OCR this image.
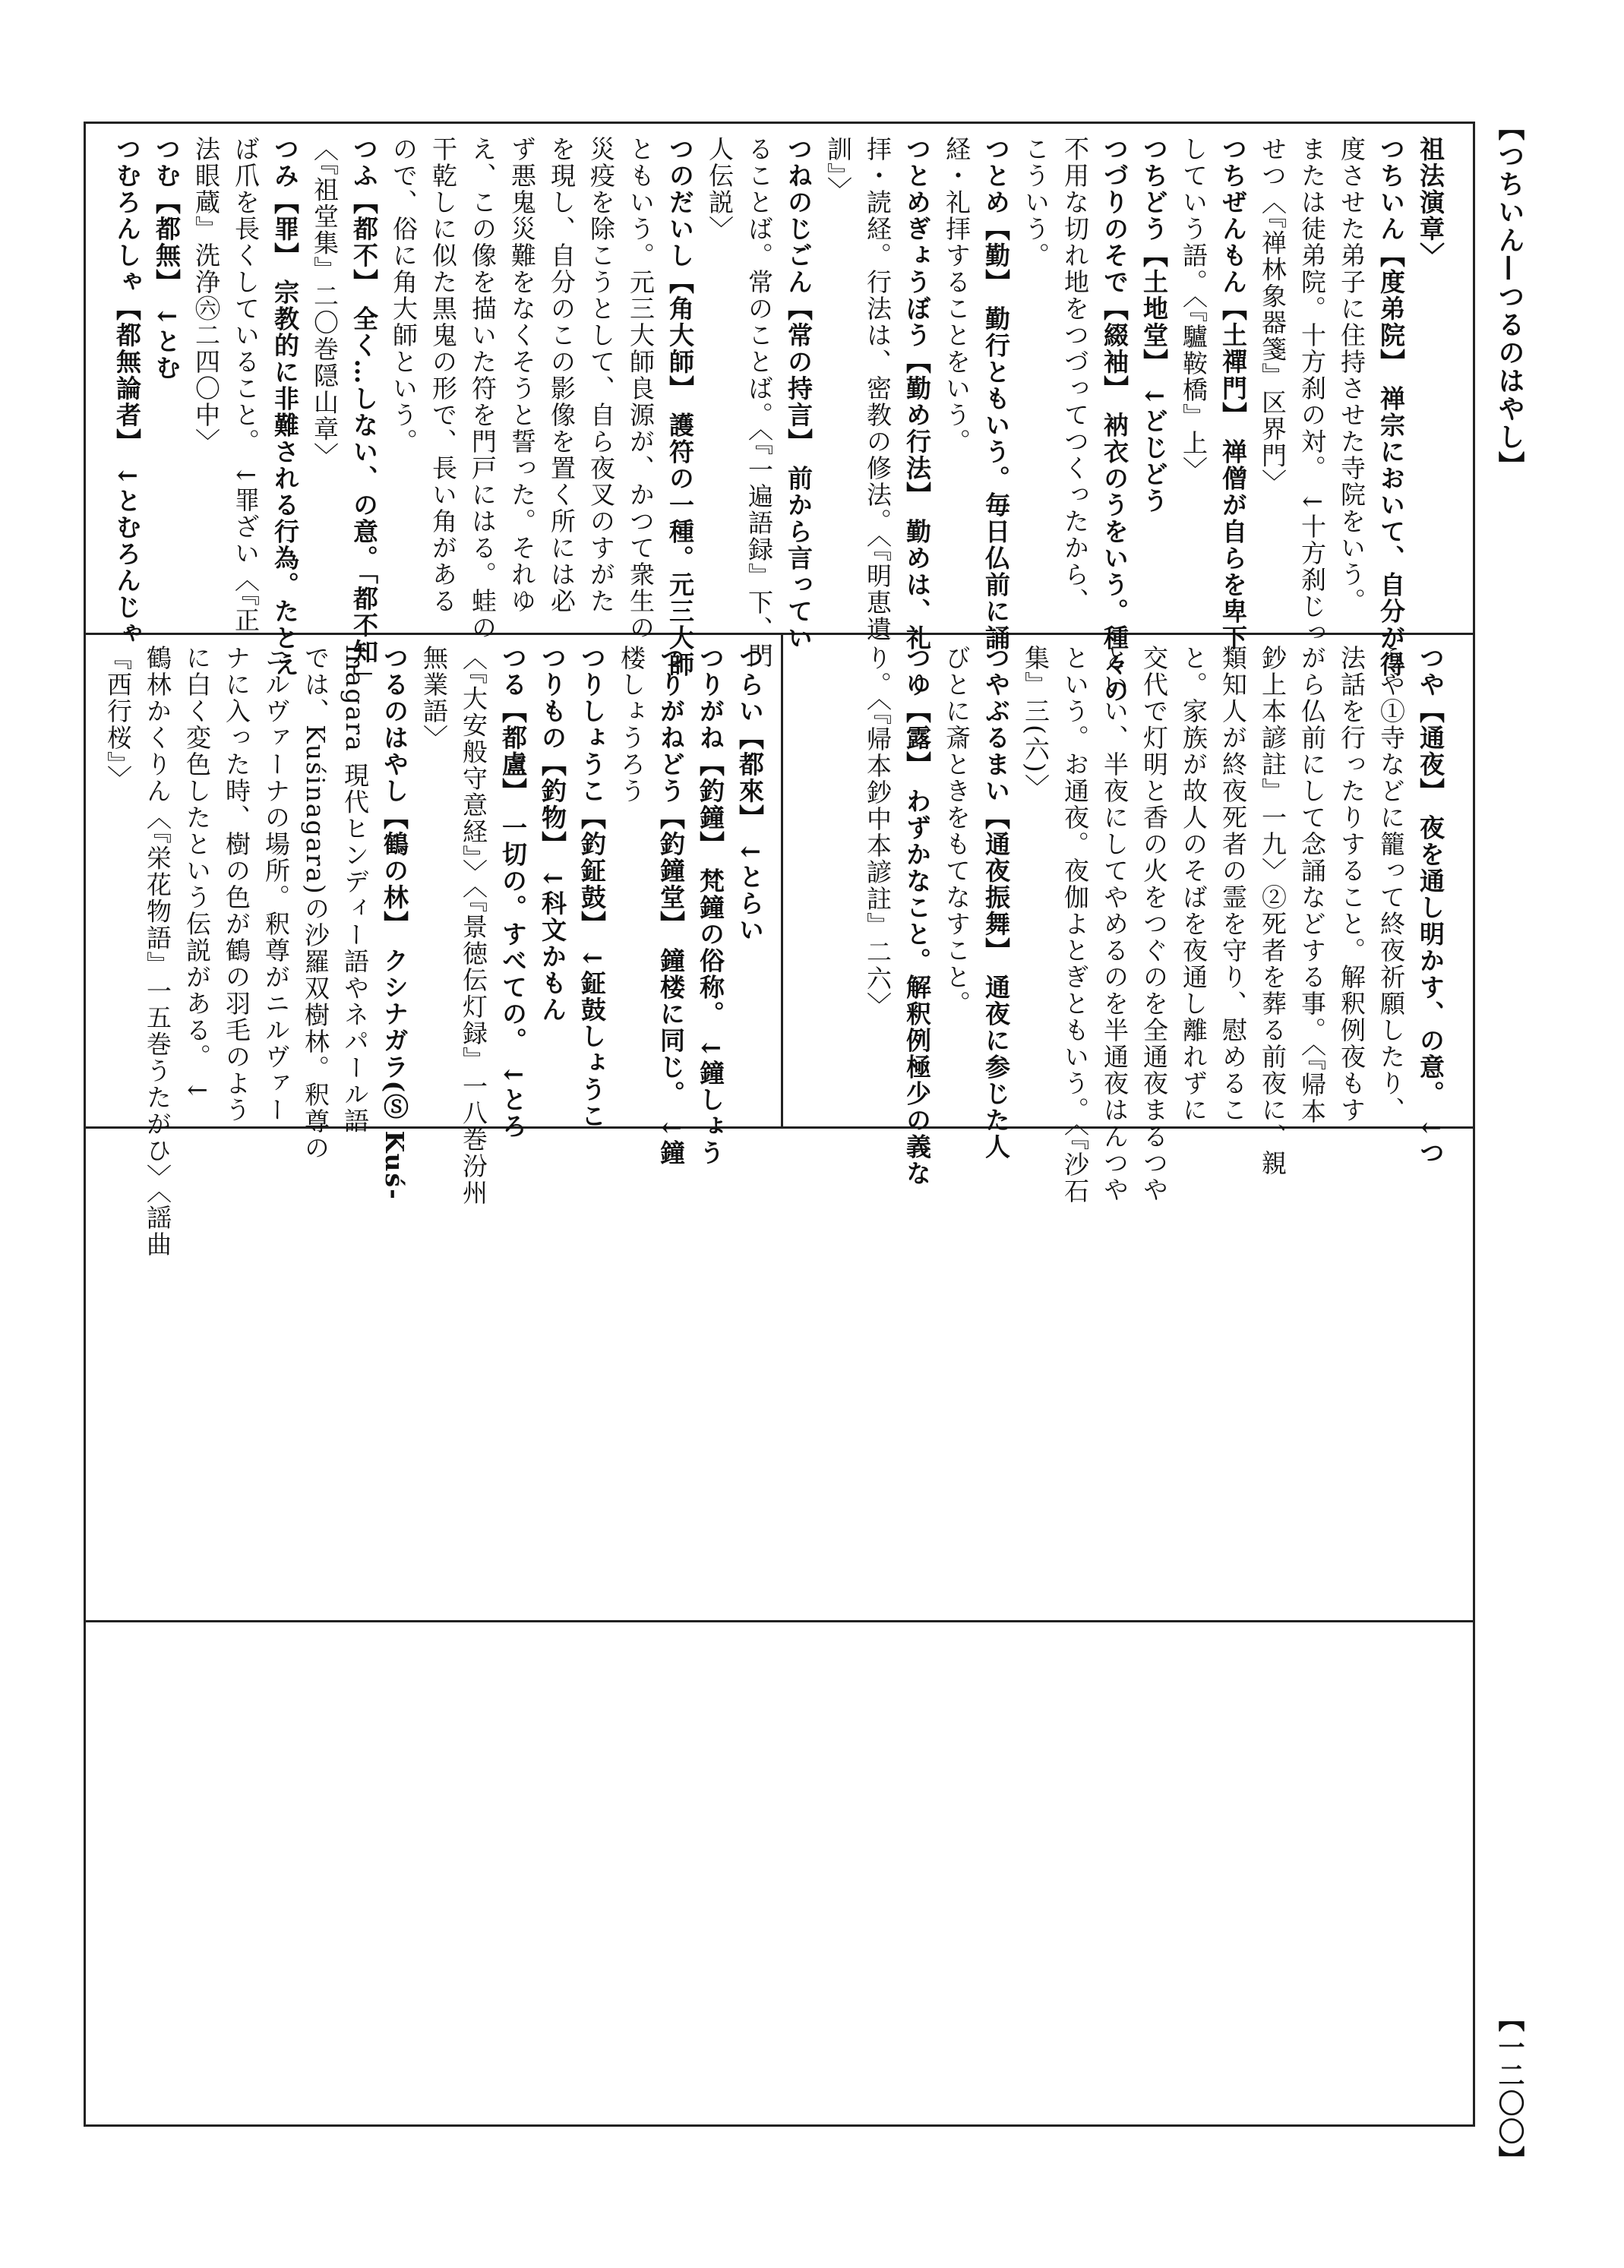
【つちいん—つるのはやし】
祖法演章〉
つちいん【度弟院】 禅宗において、自分が得
度させた弟子に住持させた寺院をいう。
または徒弟院。十方刹の対。 ↓十方刹じっ
せつ〈『禅林象器箋』区界門〉
つちぜんもん【土禪門】 禅僧が自らを卑下
していう語。〈『驢鞍橋』上〉
つちどう【土地堂】 ↓どじどう
つづりのそで【綴袖】 衲衣のうをいう。種々の
不用な切れ地をつづってつくったから、
こういう。
つとめ【勤】 勤行ともいう。毎日仏前に誦
経・礼拝することをいう。
つとめぎょうぼう【勤め行法】 勤めは、礼
拝・読経。行法は、密教の修法。〈『明恵遺
訓』〉
つねのじごん【常の持言】 前から言ってい
ることば。常のことば。〈『一遍語録』下、門
人伝説〉
つのだいし【角大師】 護符の一種。元三大師
ともいう。元三大師良源が、かつて衆生の
災疫を除こうとして、自ら夜叉のすがた
を現し、自分のこの影像を置く所には必
ず悪鬼災難をなくそうと誓った。それゆ
え、この像を描いた符を門戸にはる。蛙の
干乾しに似た黒鬼の形で、長い角がある
ので、俗に角大師という。
つふ【都不】 全く…しない、の意。「都不知」
〈『祖堂集』二〇巻隠山章〉
つみ【罪】 宗教的に非難される行為。たとえ
ば爪を長くしていること。 ↓罪ざい〈『正
法眼蔵』洗浄㊅二四〇中〉
つむ【都無】 ↓とむ
つむろんしゃ【都無論者】 ↓とむろんじゃ
つや【通夜】 夜を通し明かす、の意。 ↓つ
うや①寺などに籠って終夜祈願したり、
法話を行ったりすること。解釈例夜もす
がら仏前にして念誦などする事。〈『帰本
鈔上本諺註』一九〉②死者を葬る前夜に、親
類知人が終夜死者の霊を守り、慰めるこ
と。家族が故人のそばを夜通し離れずに
交代で灯明と香の火をつぐのを全通夜まるつや
といい、半夜にしてやめるのを半通夜はんつや
という。お通夜。夜伽よとぎともいう。〈『沙石
集』三(六)〉
つやぶるまい【通夜振舞】 通夜に参じた人
びとに斎ときをもてなすこと。
つゆ【露】 わずかなこと。解釈例極少の義な
り。〈『帰本鈔中本諺註』二六〉
つらい【都來】 ↓とらい
つりがね【釣鐘】 梵鐘の俗称。 ↓鐘しょう
つりがねどう【釣鐘堂】 鐘楼に同じ。 ↓鐘
楼しょうろう
つりしょうこ【釣鉦鼓】 ↓鉦鼓しょうこ
つりもの【釣物】 ↓科文かもん
つる【都盧】 一切の。すべての。 ↓とろ
〈『大安般守意経』〉〈『景徳伝灯録』一八巻汾州
無業語〉
つるのはやし【鶴の林】 クシナガラ(Ⓢ Kuś-
inagara 現代ヒンディー語やネパール語
では、Kuśinagara)の沙羅双樹林。釈尊の
ニルヴァーナの場所。釈尊がニルヴァー
ナに入った時、樹の色が鶴の羽毛のよう
に白く変色したという伝説がある。 ↓
鶴林かくりん〈『栄花物語』一五巻うたがひ〉〈謡曲
『西行桜』〉
【一二〇〇】
